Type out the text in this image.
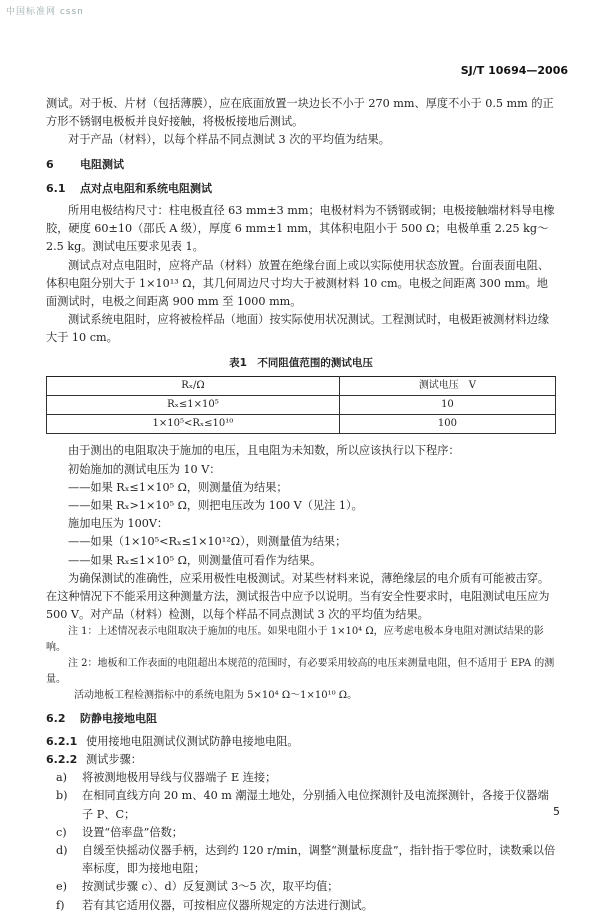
中国标准网 cssn
SJ/T 10694—2006

测试。对于板、片材（包括薄膜），应在底面放置一块边长不小于 270 mm、厚度不小于 0.5 mm 的正方形不锈钢电极板并良好接触，将极板接地后测试。

对于产品（材料），以每个样品不同点测试 3 次的平均值为结果。

6 电阻测试
6.1 点对点电阻和系统电阻测试

所用电极结构尺寸：柱电极直径 63 mm±3 mm；电极材料为不锈钢或铜；电极接触端材料导电橡胶，硬度 60±10（邵氏 A 级），厚度 6 mm±1 mm，其体积电阻小于 500 Ω；电极单重 2.25 kg～2.5 kg。测试电压要求见表 1。

测试点对点电阻时，应将产品（材料）放置在绝缘台面上或以实际使用状态放置。台面表面电阻、体积电阻分别大于 1×10¹³ Ω，其几何周边尺寸均大于被测材料 10 cm。电极之间距离 300 mm。地面测试时，电极之间距离 900 mm 至 1000 mm。

测试系统电阻时，应将被检样品（地面）按实际使用状况测试。工程测试时，电极距被测材料边缘大于 10 cm。

表1　不同阻值范围的测试电压
Rₓ/Ω	测试电压　V
Rₓ≤1×10⁵	10
1×10⁵<Rₓ≤10¹⁰	100

由于测出的电阻取决于施加的电压，且电阻为未知数，所以应该执行以下程序：

初始施加的测试电压为 10 V：

——如果 Rₓ≤1×10⁵ Ω，则测量值为结果；

——如果 Rₓ>1×10⁵ Ω，则把电压改为 100 V（见注 1）。

施加电压为 100V：

——如果（1×10⁵<Rₓ≤1×10¹²Ω），则测量值为结果；

——如果 Rₓ≤1×10⁵ Ω，则测量值可看作为结果。

为确保测试的准确性，应采用极性电极测试。对某些材料来说，薄绝缘层的电介质有可能被击穿。在这种情况下不能采用这种测量方法，测试报告中应予以说明。当有安全性要求时，电阻测试电压应为 500 V。对产品（材料）检测，以每个样品不同点测试 3 次的平均值为结果。

注 1：上述情况表示电阻取决于施加的电压。如果电阻小于 1×10⁴ Ω，应考虑电极本身电阻对测试结果的影响。

注 2：地板和工作表面的电阻超出本规范的范围时，有必要采用较高的电压来测量电阻，但不适用于 EPA 的测量。

活动地板工程检测指标中的系统电阻为 5×10⁴ Ω～1×10¹⁰ Ω。

6.2 防静电接地电阻
6.2.1 使用接地电阻测试仪测试防静电接地电阻。
6.2.2 测试步骤：
a)	将被测地极用导线与仪器端子 E 连接；
b)	在相同直线方向 20 m、40 m 潮湿土地处，分别插入电位探测针及电流探测针，各接于仪器端子 P、C；
c)	设置“倍率盘”倍数；
d)	自缓至快摇动仪器手柄，达到约 120 r/min，调整“测量标度盘”，指针指于零位时，读数乘以倍率标度，即为接地电阻；
e)	按测试步骤 c）、d）反复测试 3～5 次，取平均值；
f)	若有其它适用仪器，可按相应仪器所规定的方法进行测试。
5
